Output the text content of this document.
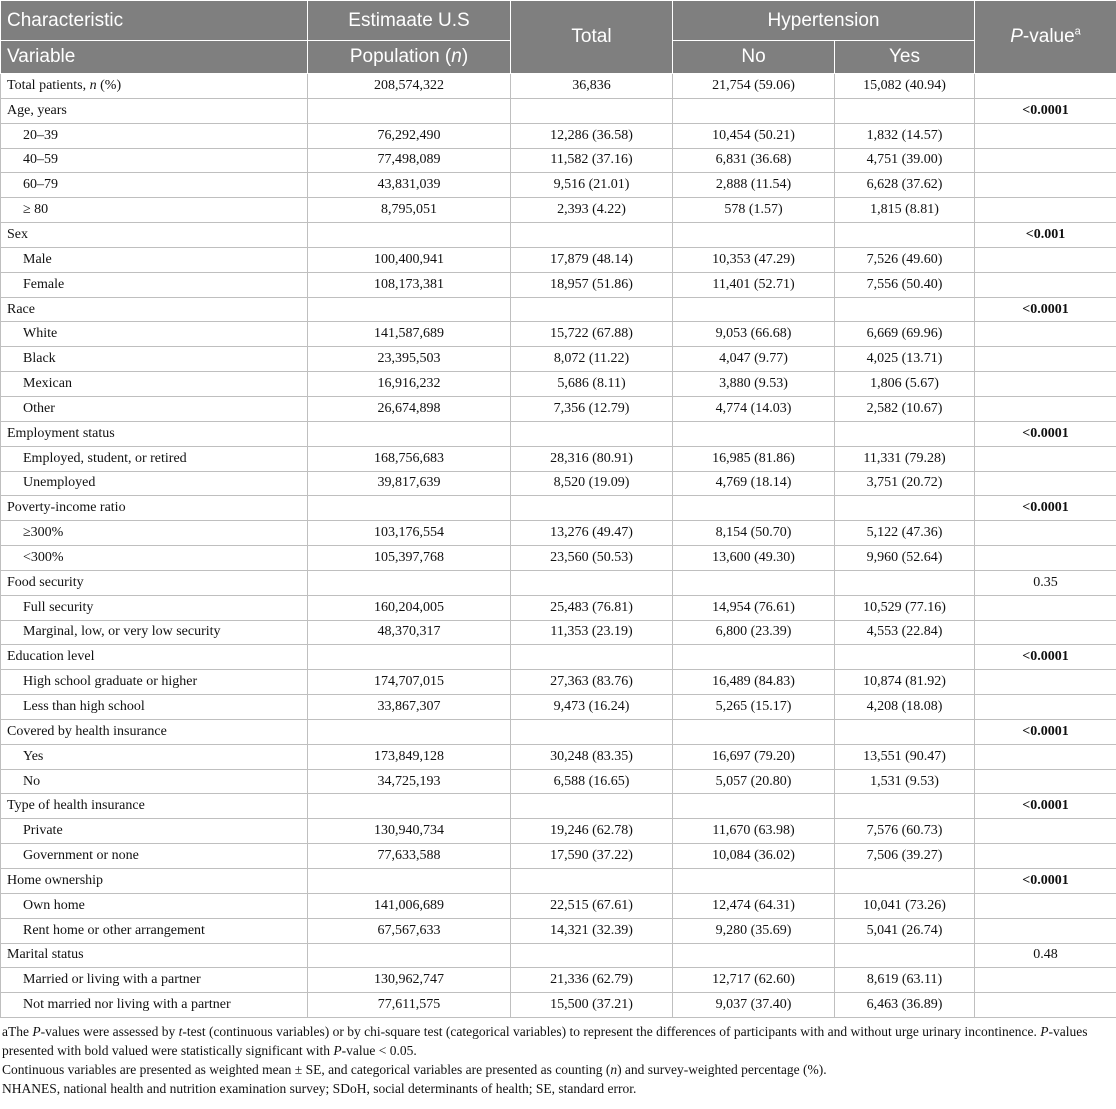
Characteristic	Estimaate U.S	Total	Hypertension		P-value$^a$
Variable	Population (n)		No	Yes	
Total patients, n (%)	208,574,322	36,836	21,754 (59.06)	15,082 (40.94)	
Age, years					<0.0001
20–39	76,292,490	12,286 (36.58)	10,454 (50.21)	1,832 (14.57)	
40–59	77,498,089	11,582 (37.16)	6,831 (36.68)	4,751 (39.00)	
60–79	43,831,039	9,516 (21.01)	2,888 (11.54)	6,628 (37.62)	
≥ 80	8,795,051	2,393 (4.22)	578 (1.57)	1,815 (8.81)	
Sex					<0.001
Male	100,400,941	17,879 (48.14)	10,353 (47.29)	7,526 (49.60)	
Female	108,173,381	18,957 (51.86)	11,401 (52.71)	7,556 (50.40)	
Race					<0.0001
White	141,587,689	15,722 (67.88)	9,053 (66.68)	6,669 (69.96)	
Black	23,395,503	8,072 (11.22)	4,047 (9.77)	4,025 (13.71)	
Mexican	16,916,232	5,686 (8.11)	3,880 (9.53)	1,806 (5.67)	
Other	26,674,898	7,356 (12.79)	4,774 (14.03)	2,582 (10.67)	
Employment status					<0.0001
Employed, student, or retired	168,756,683	28,316 (80.91)	16,985 (81.86)	11,331 (79.28)	
Unemployed	39,817,639	8,520 (19.09)	4,769 (18.14)	3,751 (20.72)	
Poverty-income ratio					<0.0001
≥300%	103,176,554	13,276 (49.47)	8,154 (50.70)	5,122 (47.36)	
<300%	105,397,768	23,560 (50.53)	13,600 (49.30)	9,960 (52.64)	
Food security					0.35
Full security	160,204,005	25,483 (76.81)	14,954 (76.61)	10,529 (77.16)	
Marginal, low, or very low security	48,370,317	11,353 (23.19)	6,800 (23.39)	4,553 (22.84)	
Education level					<0.0001
High school graduate or higher	174,707,015	27,363 (83.76)	16,489 (84.83)	10,874 (81.92)	
Less than high school	33,867,307	9,473 (16.24)	5,265 (15.17)	4,208 (18.08)	
Covered by health insurance					<0.0001
Yes	173,849,128	30,248 (83.35)	16,697 (79.20)	13,551 (90.47)	
No	34,725,193	6,588 (16.65)	5,057 (20.80)	1,531 (9.53)	
Type of health insurance					<0.0001
Private	130,940,734	19,246 (62.78)	11,670 (63.98)	7,576 (60.73)	
Government or none	77,633,588	17,590 (37.22)	10,084 (36.02)	7,506 (39.27)	
Home ownership					<0.0001
Own home	141,006,689	22,515 (67.61)	12,474 (64.31)	10,041 (73.26)	
Rent home or other arrangement	67,567,633	14,321 (32.39)	9,280 (35.69)	5,041 (26.74)	
Marital status					0.48
Married or living with a partner	130,962,747	21,336 (62.79)	12,717 (62.60)	8,619 (63.11)	
Not married nor living with a partner	77,611,575	15,500 (37.21)	9,037 (37.40)	6,463 (36.89)	

aThe P-values were assessed by t-test (continuous variables) or by chi-square test (categorical variables) to represent the differences of participants with and without urge urinary incontinence. P-values presented with bold valued were statistically significant with P-value < 0.05.

Continuous variables are presented as weighted mean ± SE, and categorical variables are presented as counting (n) and survey-weighted percentage (%).

NHANES, national health and nutrition examination survey; SDoH, social determinants of health; SE, standard error.
